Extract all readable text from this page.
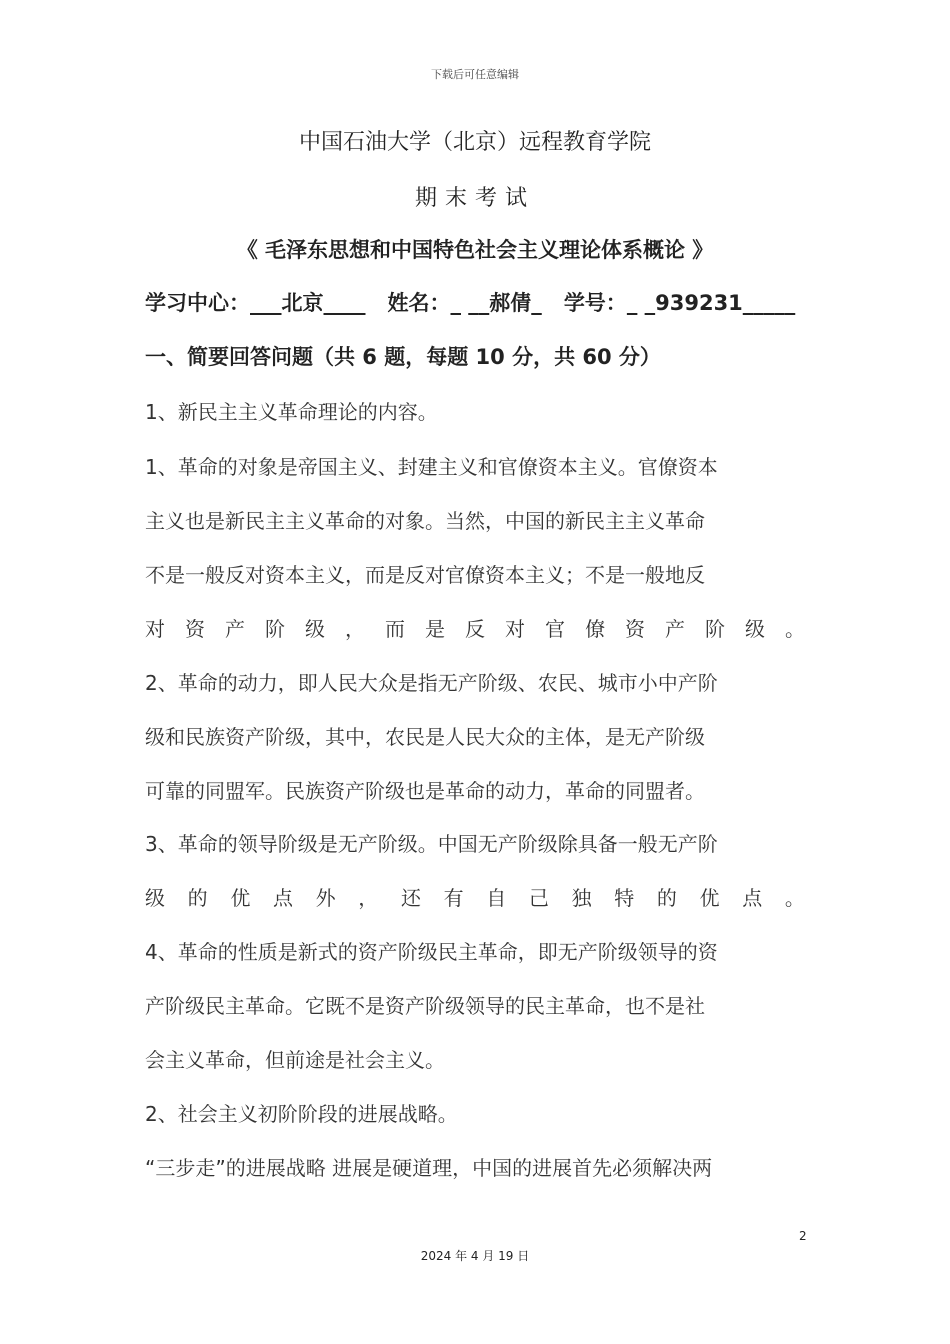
下载后可任意编辑
中国石油大学（北京）远程教育学院
期末考试
《 毛泽东思想和中国特色社会主义理论体系概论 》
学习中心：___北京____ 姓名：_ __郝倩_ 学号：_ _939231_____
一、简要回答问题（共 6 题，每题 10 分，共 60 分）
1、新民主主义革命理论的内容。
1、革命的对象是帝国主义、封建主义和官僚资本主义。官僚资本
主义也是新民主主义革命的对象。当然，中国的新民主主义革命
不是一般反对资本主义，而是反对官僚资本主义；不是一般地反
对 资 产 阶 级 ， 而 是 反 对 官 僚 资 产 阶 级 。
2、革命的动力，即人民大众是指无产阶级、农民、城市小中产阶
级和民族资产阶级，其中，农民是人民大众的主体，是无产阶级
可靠的同盟军。民族资产阶级也是革命的动力，革命的同盟者。
3、革命的领导阶级是无产阶级。中国无产阶级除具备一般无产阶
级 的 优 点 外 ， 还 有 自 己 独 特 的 优 点 。
4、革命的性质是新式的资产阶级民主革命，即无产阶级领导的资
产阶级民主革命。它既不是资产阶级领导的民主革命，也不是社
会主义革命，但前途是社会主义。
2、社会主义初阶阶段的进展战略。
“三步走”的进展战略 进展是硬道理，中国的进展首先必须解决两
2
2024 年 4 月 19 日
